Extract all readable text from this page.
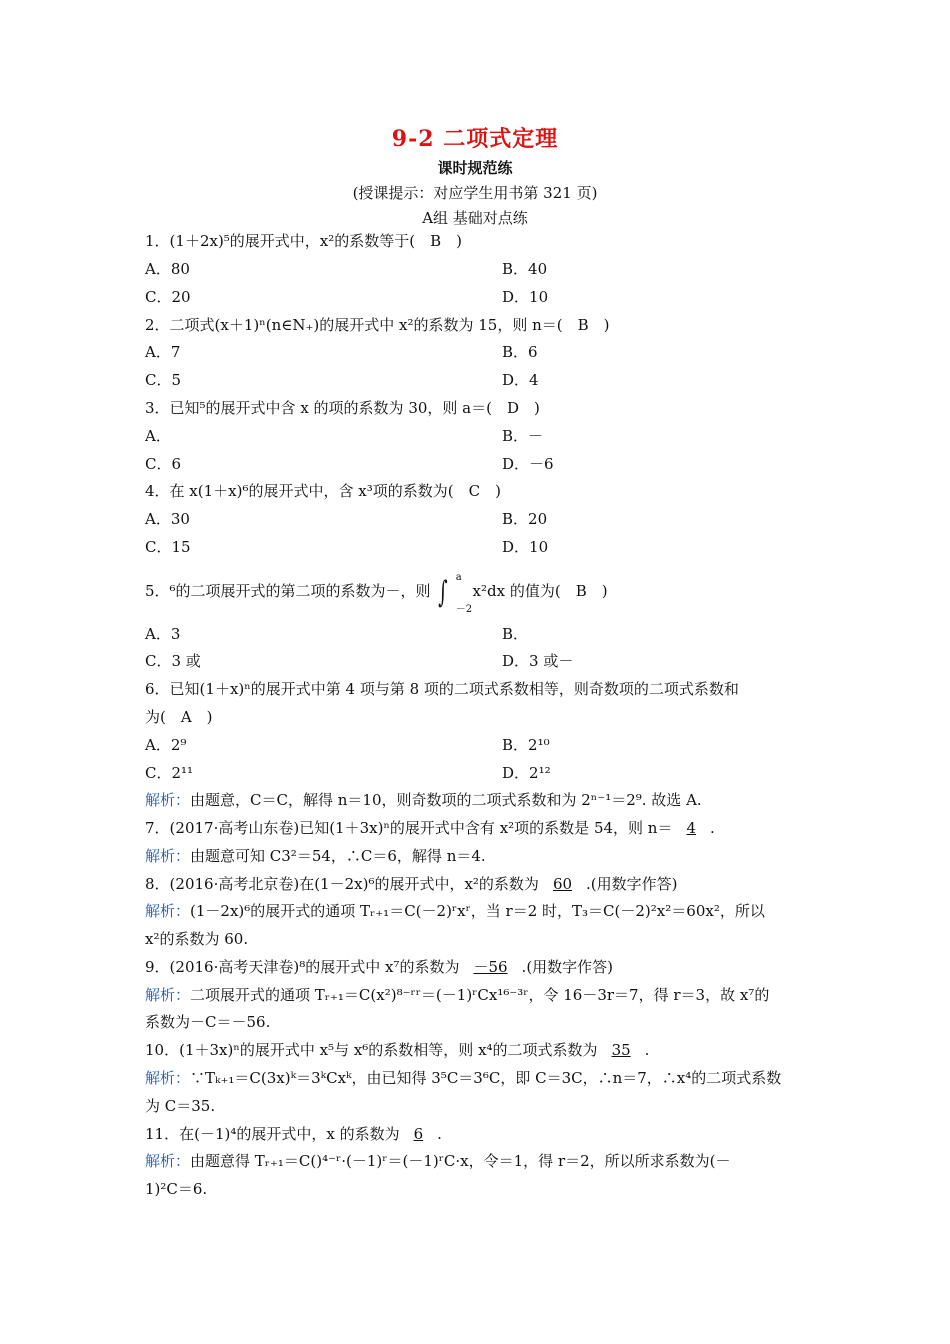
9-2 二项式定理
课时规范练
(授课提示：对应学生用书第 321 页)
A组 基础对点练
1．(1＋2x)⁵的展开式中，x²的系数等于(　B　)
A．80	B．40
C．20	D．10
2．二项式(x＋1)ⁿ(n∈N₊)的展开式中 x²的系数为 15，则 n＝(　B　)
A．7	B．6
C．5	D．4
3．已知⁵的展开式中含 x 的项的系数为 30，则 a＝(　D　)
A．	B．－
C．6	D．－6
4．在 x(1＋x)⁶的展开式中，含 x³项的系数为(　C　)
A．30	B．20
C．15	D．10
5．⁶的二项展开式的第二项的系数为－，则 ∫ a
－2
x²dx 的值为(　B　)
A．3	B．
C．3 或	D．3 或－
6．已知(1＋x)ⁿ的展开式中第 4 项与第 8 项的二项式系数相等，则奇数项的二项式系数和
为(　A　)
A．2⁹	B．2¹⁰
C．2¹¹	D．2¹²
解析：由题意，C＝C，解得 n＝10，则奇数项的二项式系数和为 2ⁿ⁻¹＝2⁹. 故选 A.
7．(2017·高考山东卷)已知(1＋3x)ⁿ的展开式中含有 x²项的系数是 54，则 n＝ 4 .
解析：由题意可知 C3²＝54，∴C＝6，解得 n＝4.
8．(2016·高考北京卷)在(1－2x)⁶的展开式中，x²的系数为 60 .(用数字作答)
解析：(1－2x)⁶的展开式的通项 Tᵣ₊₁＝C(－2)ʳxʳ，当 r＝2 时，T₃＝C(－2)²x²＝60x²，所以
x²的系数为 60.
9．(2016·高考天津卷)⁸的展开式中 x⁷的系数为 －56 .(用数字作答)
解析：二项展开式的通项 Tᵣ₊₁＝C(x²)⁸⁻ʳʳ＝(－1)ʳCx¹⁶⁻³ʳ，令 16－3r＝7，得 r＝3，故 x⁷的
系数为－C＝－56.
10．(1＋3x)ⁿ的展开式中 x⁵与 x⁶的系数相等，则 x⁴的二项式系数为 35 .
解析：∵Tₖ₊₁＝C(3x)ᵏ＝3ᵏCxᵏ，由已知得 3⁵C＝3⁶C，即 C＝3C，∴n＝7，∴x⁴的二项式系数
为 C＝35.
11．在(－1)⁴的展开式中，x 的系数为 6 .
解析：由题意得 Tᵣ₊₁＝C()⁴⁻ʳ·(－1)ʳ＝(－1)ʳC·x，令＝1，得 r＝2，所以所求系数为(－
1)²C＝6.
